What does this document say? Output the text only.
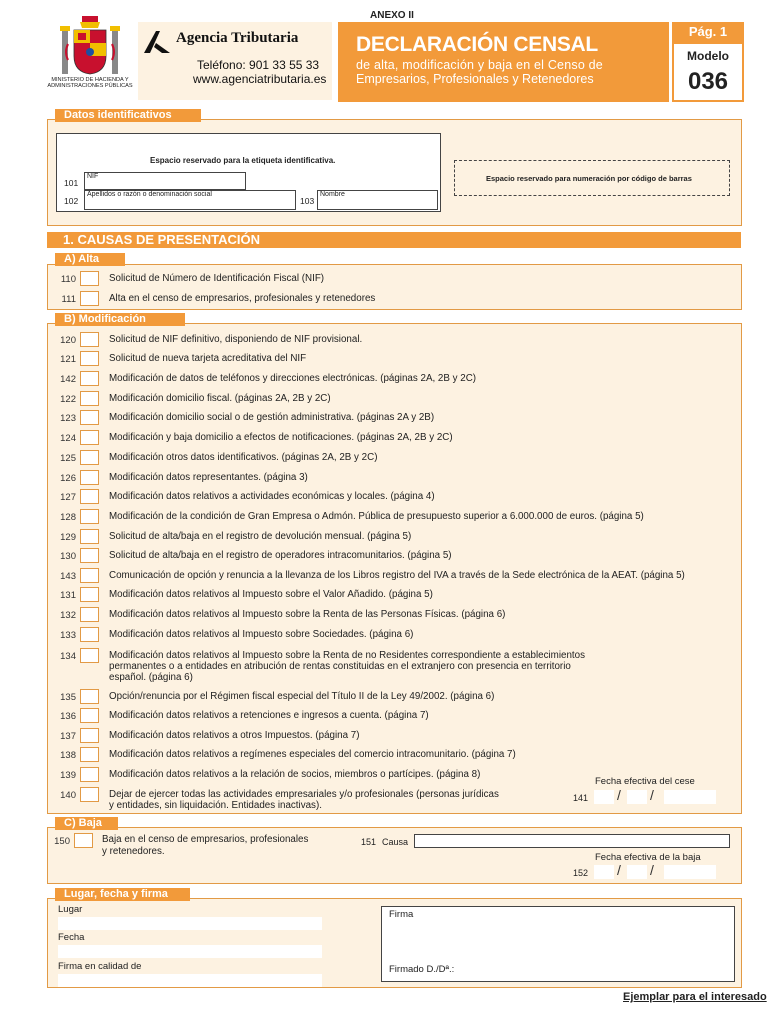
MINISTERIO DE HACIENDA Y ADMINISTRACIONES PÚBLICAS
Agencia Tributaria
Teléfono: 901 33 55 33
www.agenciatributaria.es
ANEXO II
DECLARACIÓN CENSAL
de alta, modificación y baja en el Censo de
Empresarios, Profesionales y Retenedores
Pág. 1
Modelo
036
Datos identificativos
Espacio reservado para la etiqueta identificativa.
101
NIF
102
Apellidos o razón o denominación social
103
Nombre
Espacio reservado para numeración por código de barras
1. CAUSAS DE PRESENTACIÓN
A) Alta
110	Solicitud de Número de Identificación Fiscal (NIF)
111	Alta en el censo de empresarios, profesionales y retenedores
B) Modificación
120	Solicitud de NIF definitivo, disponiendo de NIF provisional.
121	Solicitud de nueva tarjeta acreditativa del NIF
142	Modificación de datos de teléfonos y direcciones electrónicas. (páginas 2A, 2B y 2C)
122	Modificación domicilio fiscal. (páginas 2A, 2B y 2C)
123	Modificación domicilio social o de gestión administrativa. (páginas 2A y 2B)
124	Modificación y baja domicilio a efectos de notificaciones. (páginas 2A, 2B y 2C)
125	Modificación otros datos identificativos. (páginas 2A, 2B y 2C)
126	Modificación datos representantes. (página 3)
127	Modificación datos relativos a actividades económicas y locales. (página 4)
128	Modificación de la condición de Gran Empresa o Admón. Pública de presupuesto superior a 6.000.000 de euros. (página 5)
129	Solicitud de alta/baja en el registro de devolución mensual. (página 5)
130	Solicitud de alta/baja en el registro de operadores intracomunitarios. (página 5)
143	Comunicación de opción y renuncia a la llevanza de los Libros registro del IVA a través de la Sede electrónica de la AEAT. (página 5)
131	Modificación datos relativos al Impuesto sobre el Valor Añadido. (página 5)
132	Modificación datos relativos al Impuesto sobre la Renta de las Personas Físicas. (página 6)
133	Modificación datos relativos al Impuesto sobre Sociedades. (página 6)
134	Modificación datos relativos al Impuesto sobre la Renta de no Residentes correspondiente a establecimientos
permanentes o a entidades en atribución de rentas constituidas en el extranjero con presencia en territorio
español. (página 6)
135	Opción/renuncia por el Régimen fiscal especial del Título II de la Ley 49/2002. (página 6)
136	Modificación datos relativos a retenciones e ingresos a cuenta. (página 7)
137	Modificación datos relativos a otros Impuestos. (página 7)
138	Modificación datos relativos a regímenes especiales del comercio intracomunitario. (página 7)
139	Modificación datos relativos a la relación de socios, miembros o partícipes. (página 8)
140	Dejar de ejercer todas las actividades empresariales y/o profesionales (personas jurídicas
y entidades, sin liquidación. Entidades inactivas).
Fecha efectiva del cese
141 / /
C) Baja
150	Baja en el censo de empresarios, profesionales
y retenedores.
151 Causa
Fecha efectiva de la baja
152 / /
Lugar, fecha y firma
Lugar
Fecha
Firma en calidad de
Firma
Firmado D./Dª.:
Ejemplar para el interesado
